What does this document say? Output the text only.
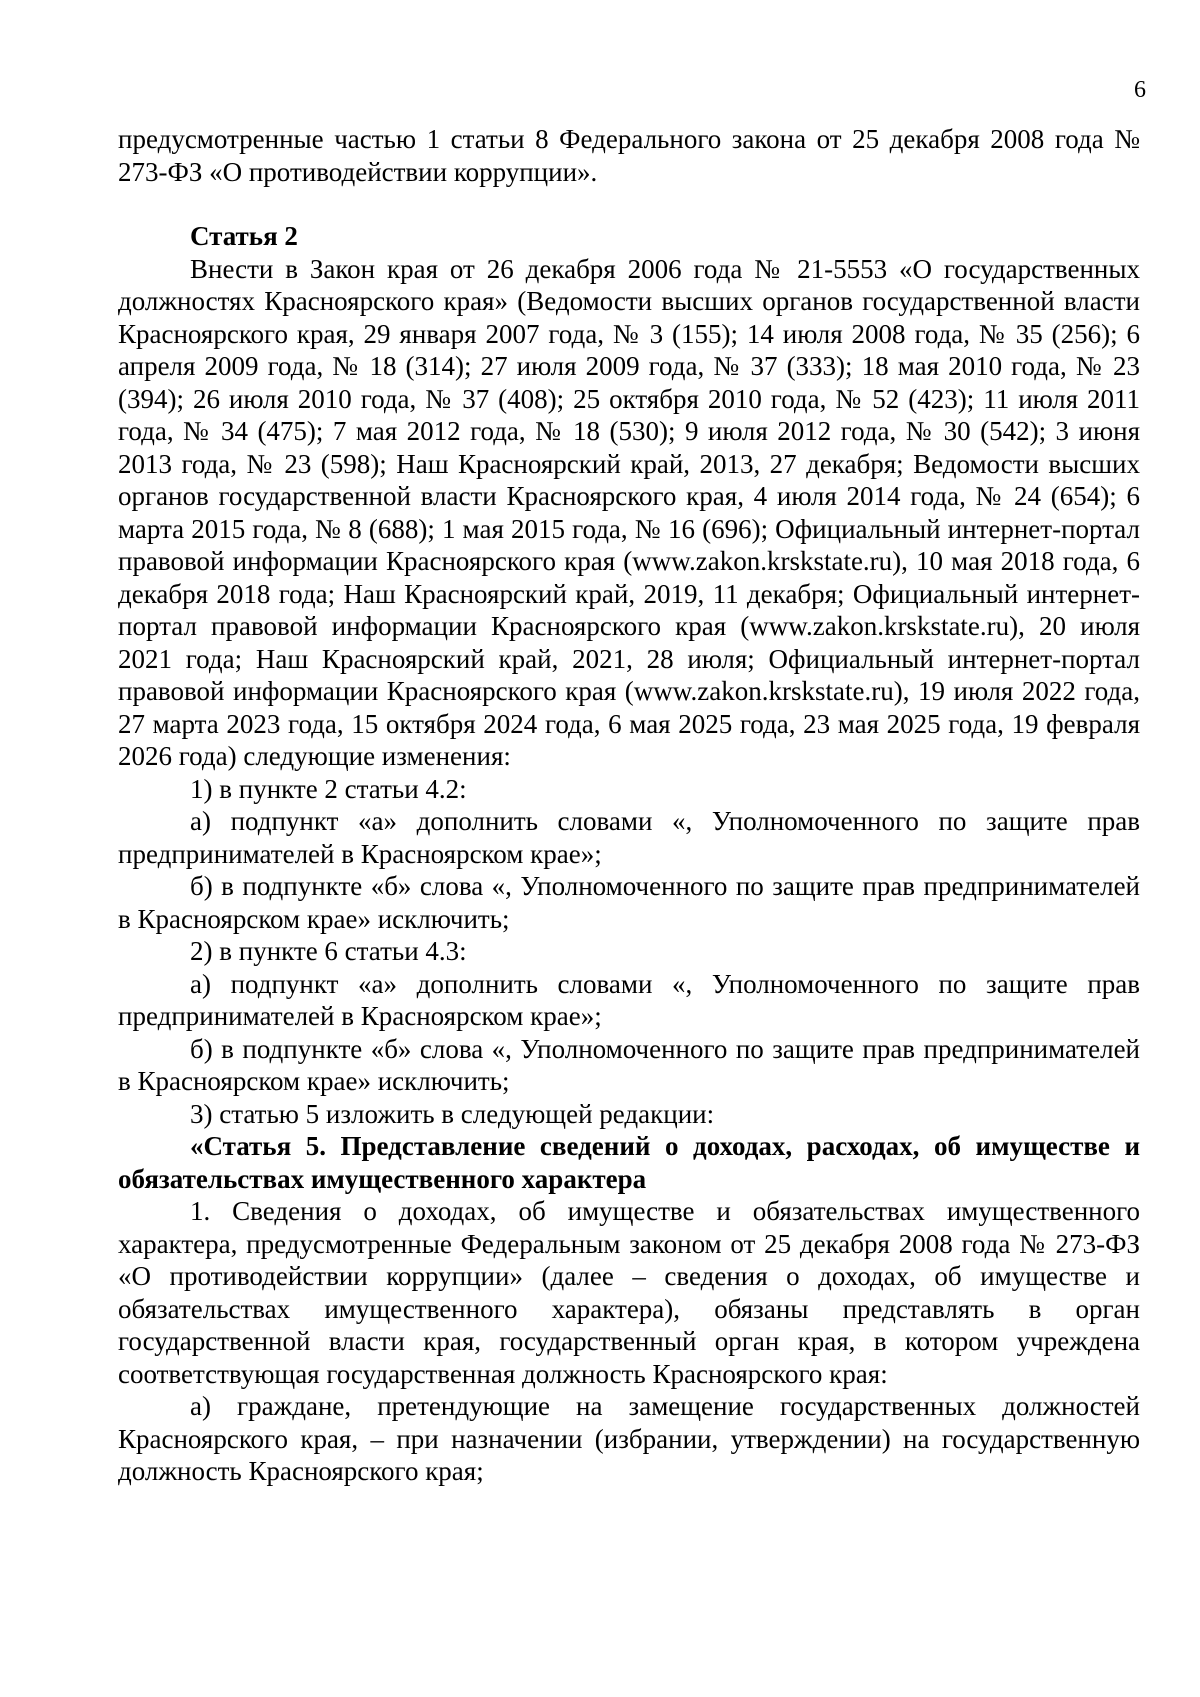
6

предусмотренные частью 1 статьи 8 Федерального закона от 25 декабря 2008 года № 273-ФЗ «О противодействии коррупции».

Статья 2

Внести в Закон края от 26 декабря 2006 года № 21-5553 «О государственных должностях Красноярского края» (Ведомости высших органов государственной власти Красноярского края, 29 января 2007 года, № 3 (155); 14 июля 2008 года, № 35 (256); 6 апреля 2009 года, № 18 (314); 27 июля 2009 года, № 37 (333); 18 мая 2010 года, № 23 (394); 26 июля 2010 года, № 37 (408); 25 октября 2010 года, № 52 (423); 11 июля 2011 года, № 34 (475); 7 мая 2012 года, № 18 (530); 9 июля 2012 года, № 30 (542); 3 июня 2013 года, № 23 (598); Наш Красноярский край, 2013, 27 декабря; Ведомости высших органов государственной власти Красноярского края, 4 июля 2014 года, № 24 (654); 6 марта 2015 года, № 8 (688); 1 мая 2015 года, № 16 (696); Официальный интернет-портал правовой информации Красноярского края (www.zakon.krskstate.ru), 10 мая 2018 года, 6 декабря 2018 года; Наш Красноярский край, 2019, 11 декабря; Официальный интернет-портал правовой информации Красноярского края (www.zakon.krskstate.ru), 20 июля 2021 года; Наш Красноярский край, 2021, 28 июля; Официальный интернет-портал правовой информации Красноярского края (www.zakon.krskstate.ru), 19 июля 2022 года, 27 марта 2023 года, 15 октября 2024 года, 6 мая 2025 года, 23 мая 2025 года, 19 февраля 2026 года) следующие изменения:

1) в пункте 2 статьи 4.2:

а) подпункт «а» дополнить словами «, Уполномоченного по защите прав предпринимателей в Красноярском крае»;

б) в подпункте «б» слова «, Уполномоченного по защите прав предпринимателей в Красноярском крае» исключить;

2) в пункте 6 статьи 4.3:

а) подпункт «а» дополнить словами «, Уполномоченного по защите прав предпринимателей в Красноярском крае»;

б) в подпункте «б» слова «, Уполномоченного по защите прав предпринимателей в Красноярском крае» исключить;

3) статью 5 изложить в следующей редакции:

«Статья 5. Представление сведений о доходах, расходах, об имуществе и обязательствах имущественного характера

1. Сведения о доходах, об имуществе и обязательствах имущественного характера, предусмотренные Федеральным законом от 25 декабря 2008 года № 273-ФЗ «О противодействии коррупции» (далее – сведения о доходах, об имуществе и обязательствах имущественного характера), обязаны представлять в орган государственной власти края, государственный орган края, в котором учреждена соответствующая государственная должность Красноярского края:

а) граждане, претендующие на замещение государственных должностей Красноярского края, – при назначении (избрании, утверждении) на государственную должность Красноярского края;
